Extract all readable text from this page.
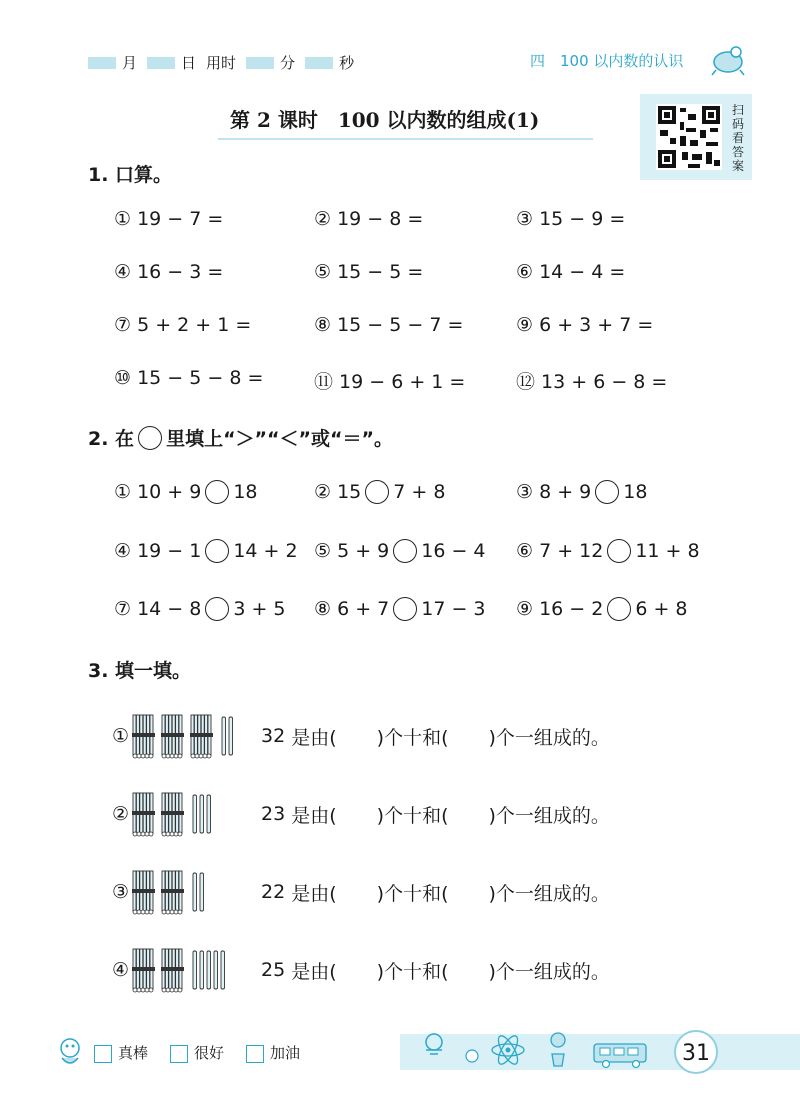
月	日 用时	分	秒	四　100 以内数的认识
第 2 课时　100 以内数的组成(1)	扫码看答案
1. 口算。
① 19 − 7 =	② 19 − 8 =	③ 15 − 9 =
④ 16 − 3 =	⑤ 15 − 5 =	⑥ 14 − 4 =
⑦ 5 + 2 + 1 =	⑧ 15 − 5 − 7 =	⑨ 6 + 3 + 7 =
⑩ 15 − 5 − 8 =	⑪ 19 − 6 + 1 =	⑫ 13 + 6 − 8 =
2. 在 里填上“＞”“＜”或“＝”。
① 10 + 9 18	② 15 7 + 8	③ 8 + 9 18
④ 19 − 1 14 + 2 ⑤ 5 + 9 16 − 4 ⑥ 7 + 12 11 + 8
⑦ 14 − 8 3 + 5 ⑧ 6 + 7 17 − 3 ⑨ 16 − 2 6 + 8
3. 填一填。
①	32 是由( )个十和( )个一组成的。
②	23 是由( )个十和( )个一组成的。
③	22 是由( )个十和( )个一组成的。
④	25 是由( )个十和( )个一组成的。
真棒	很好	加油	31
